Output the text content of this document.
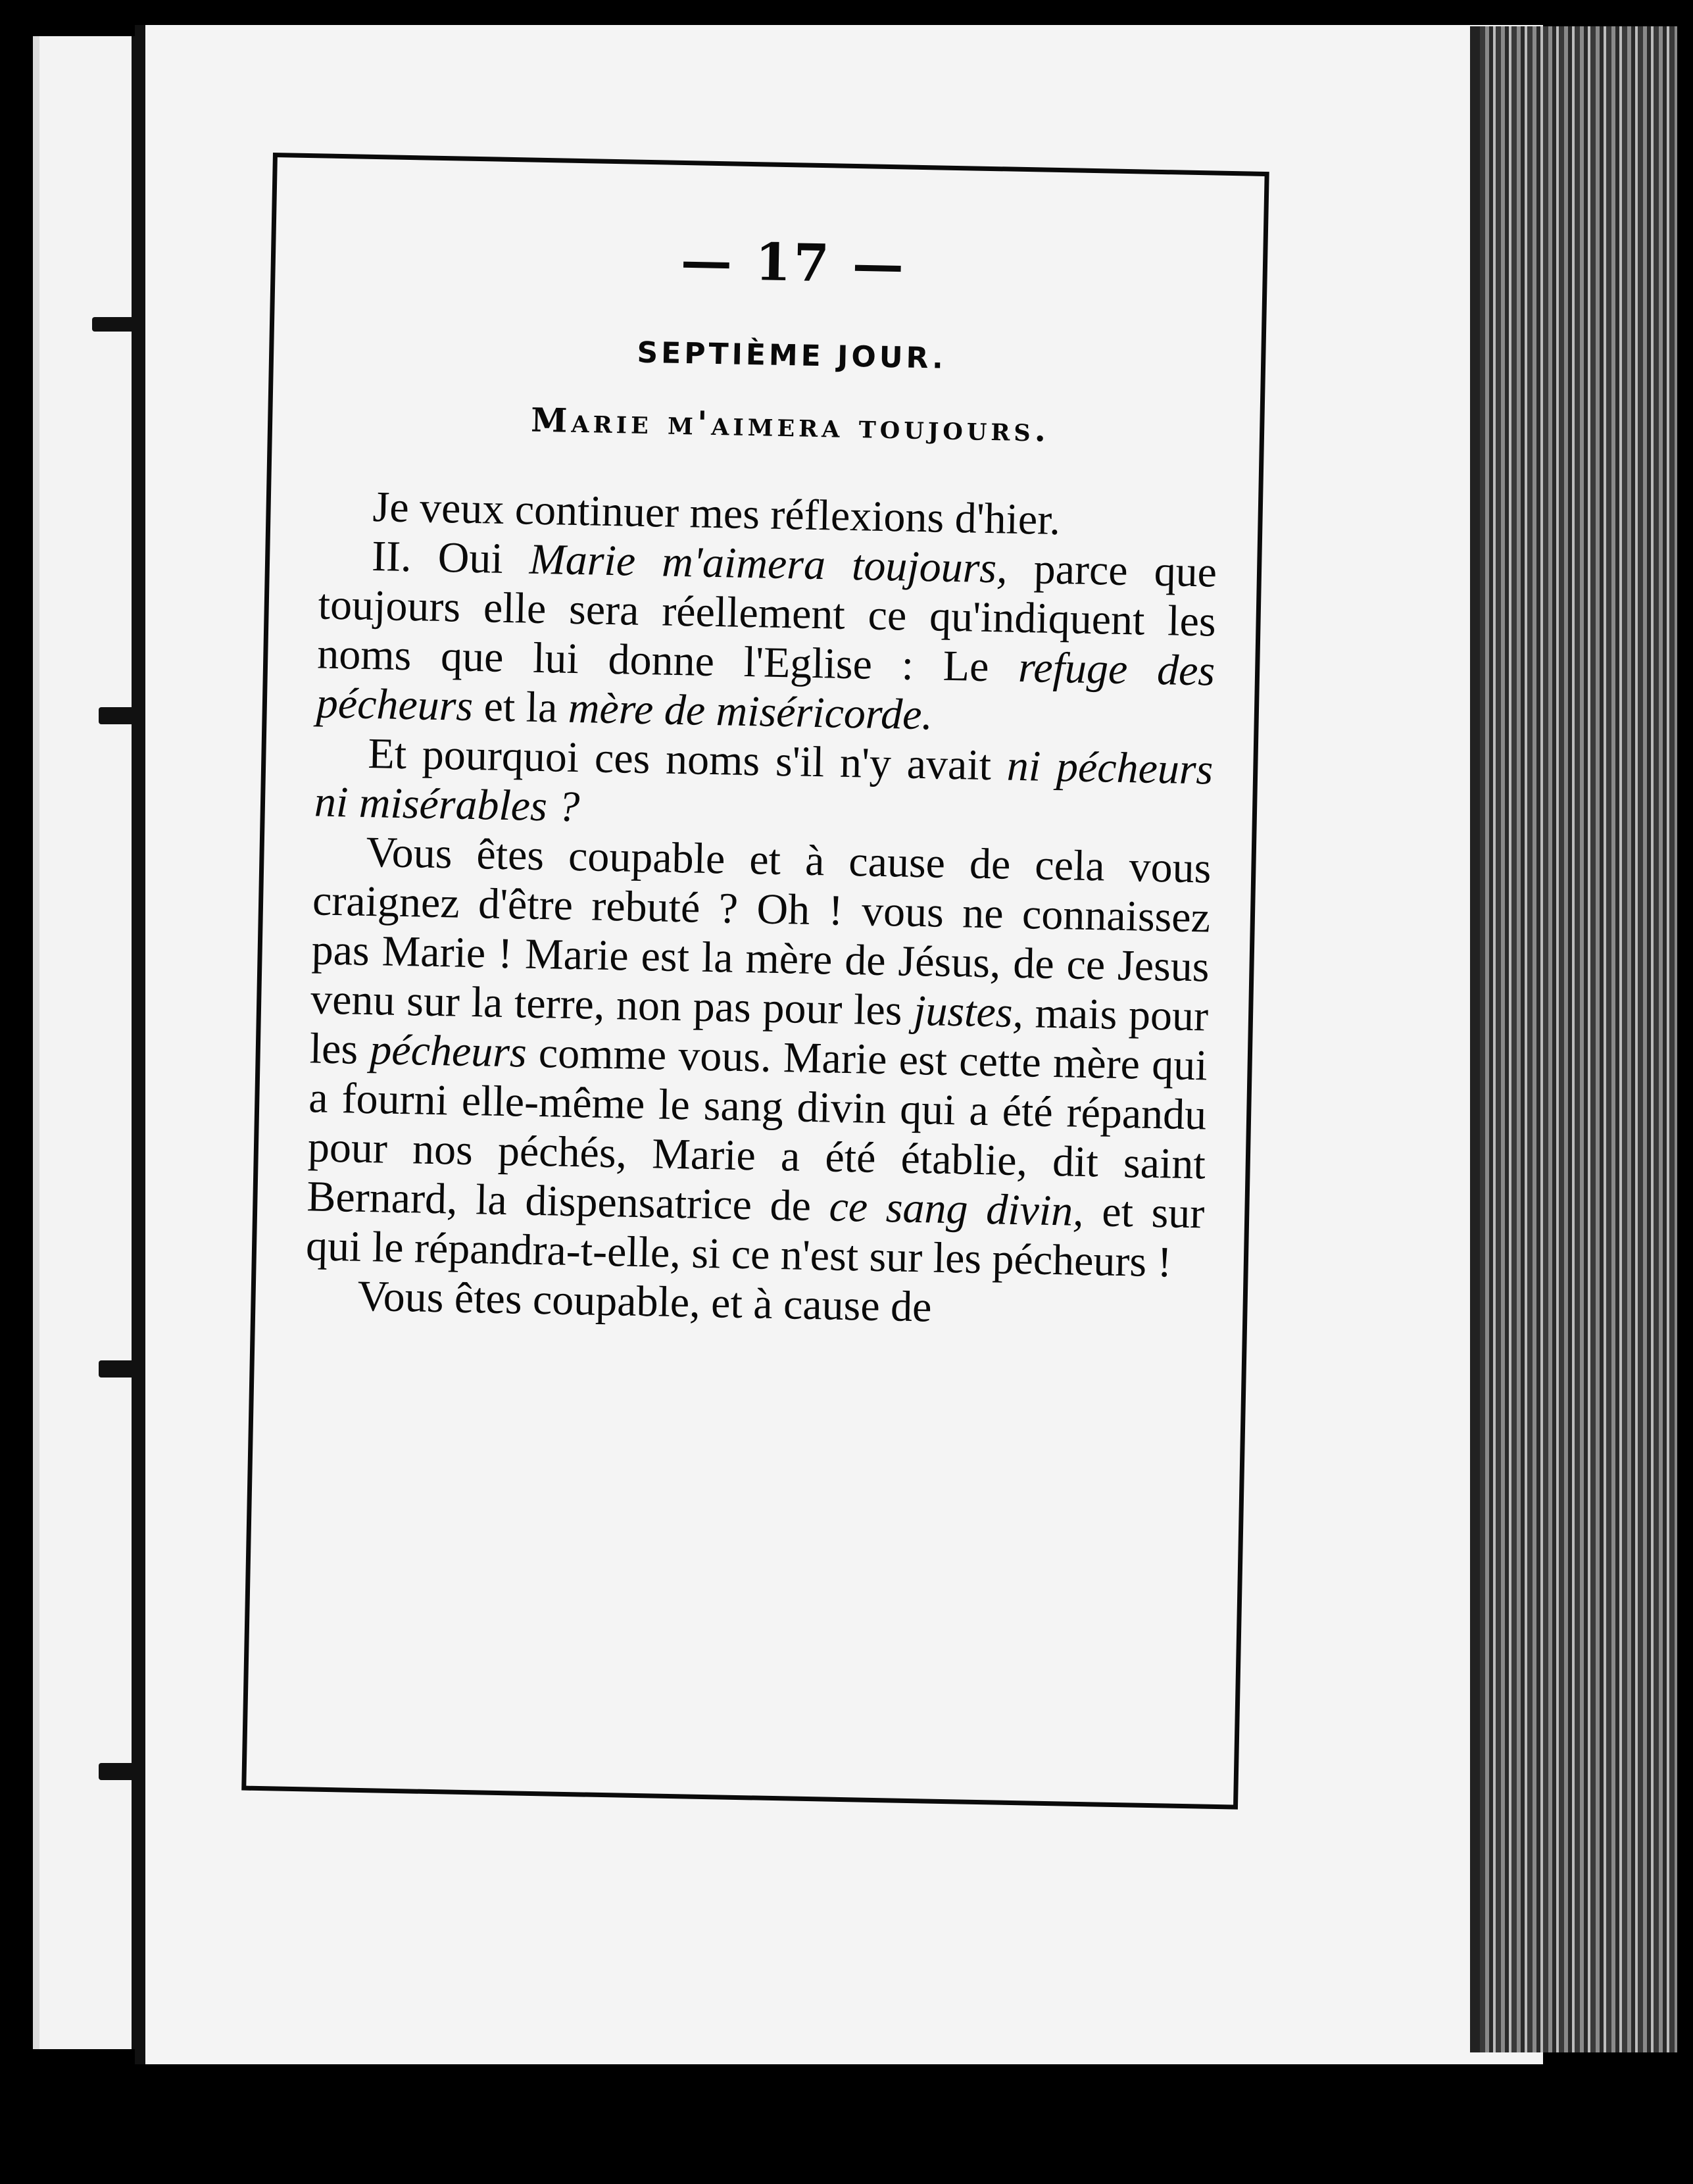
— 17 —
SEPTIÈME JOUR.
Marie m'aimera toujours.

Je veux continuer mes réflexions d'hier.

II. Oui Marie m'aimera toujours, parce que toujours elle sera réellement ce qu'indiquent les noms que lui donne l'Eglise : Le refuge des pécheurs et la mère de miséricorde.

Et pourquoi ces noms s'il n'y avait ni pécheurs ni misérables ?

Vous êtes coupable et à cause de cela vous craignez d'être rebuté ? Oh ! vous ne connaissez pas Marie ! Marie est la mère de Jésus, de ce Jesus venu sur la terre, non pas pour les justes, mais pour les pécheurs comme vous. Marie est cette mère qui a fourni elle-même le sang divin qui a été répandu pour nos péchés, Marie a été établie, dit saint Bernard, la dispensatrice de ce sang divin, et sur qui le répandra-t-elle, si ce n'est sur les pécheurs !

Vous êtes coupable, et à cause de
